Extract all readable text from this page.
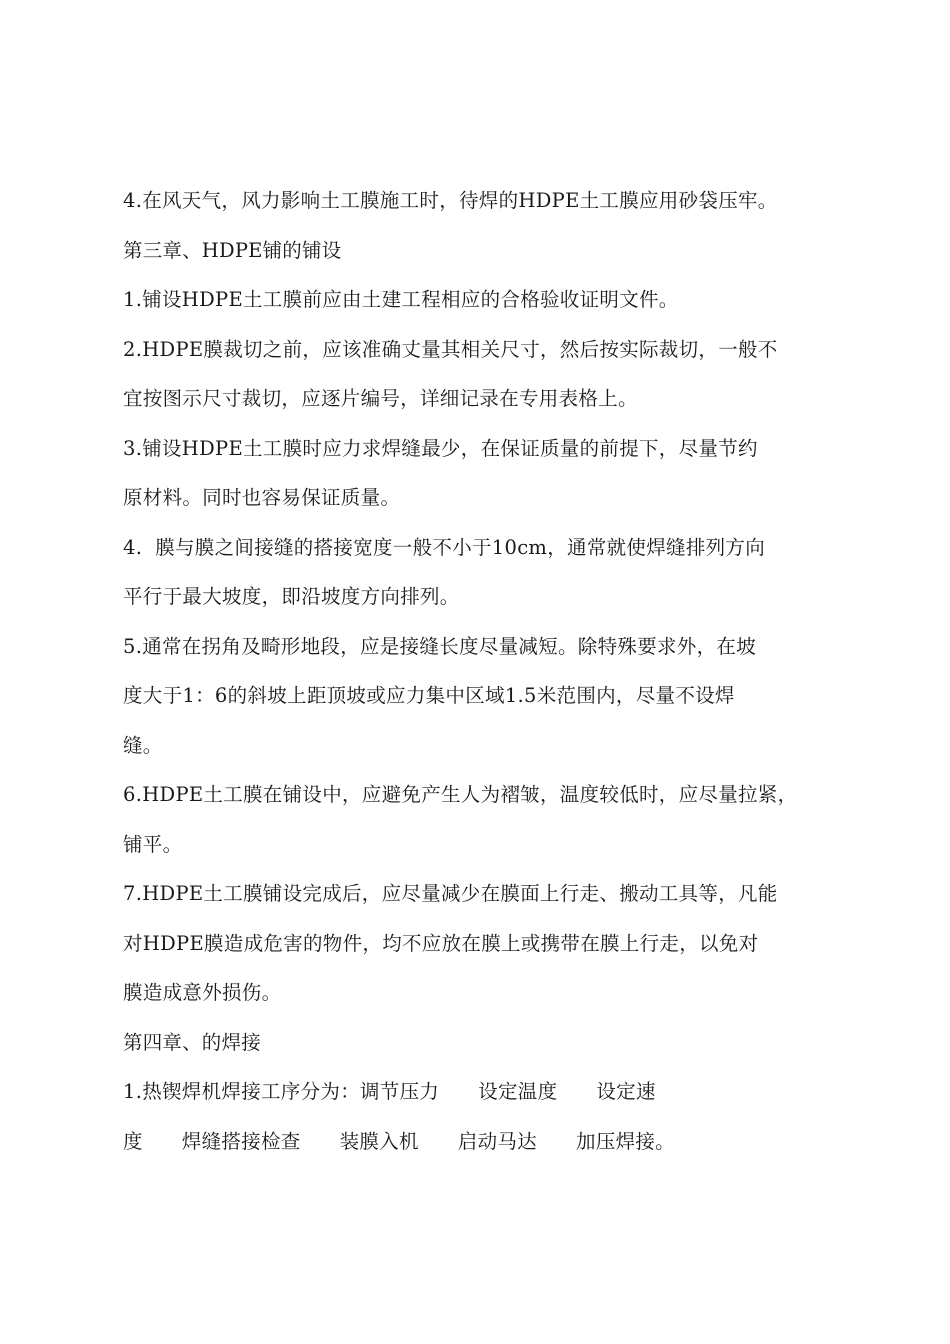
4.在风天气，风力影响土工膜施工时，待焊的HDPE土工膜应用砂袋压牢。
第三章、HDPE铺的铺设
1.铺设HDPE土工膜前应由土建工程相应的合格验收证明文件。
2.HDPE膜裁切之前，应该准确丈量其相关尺寸，然后按实际裁切，一般不
宜按图示尺寸裁切，应逐片编号，详细记录在专用表格上。
3.铺设HDPE土工膜时应力求焊缝最少，在保证质量的前提下，尽量节约
原材料。同时也容易保证质量。
4.  膜与膜之间接缝的搭接宽度一般不小于10cm，通常就使焊缝排列方向
平行于最大坡度，即沿坡度方向排列。
5.通常在拐角及畸形地段，应是接缝长度尽量减短。除特殊要求外，在坡
度大于1：6的斜坡上距顶坡或应力集中区域1.5米范围内，尽量不设焊
缝。
6.HDPE土工膜在铺设中，应避免产生人为褶皱，温度较低时，应尽量拉紧，
铺平。
7.HDPE土工膜铺设完成后，应尽量减少在膜面上行走、搬动工具等，凡能
对HDPE膜造成危害的物件，均不应放在膜上或携带在膜上行走，以免对
膜造成意外损伤。
第四章、的焊接
1.热锲焊机焊接工序分为：调节压力      设定温度      设定速
度      焊缝搭接检查      装膜入机      启动马达      加压焊接。
